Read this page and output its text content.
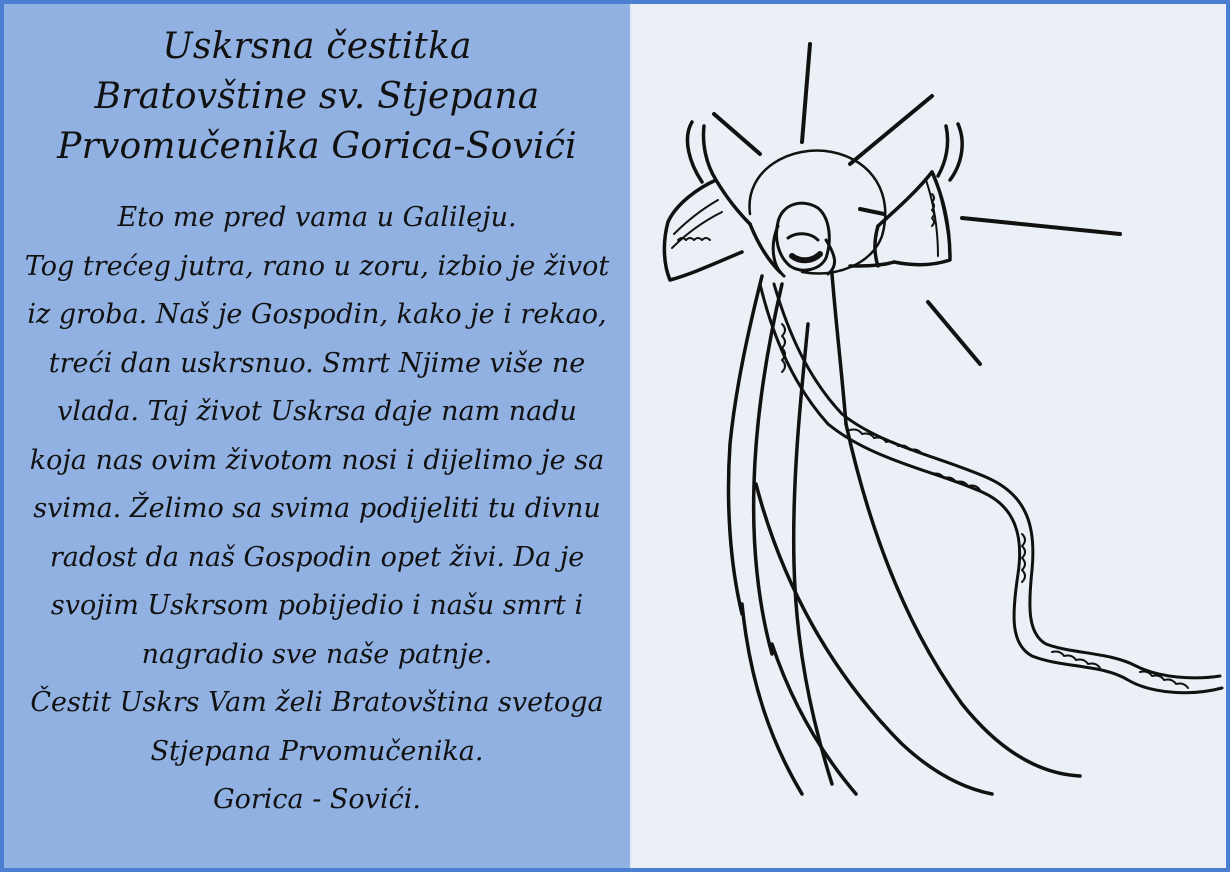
Uskrsna čestitka
Bratovštine sv. Stjepana
Prvomučenika Gorica-Sovići
Eto me pred vama u Galileju.
Tog trećeg jutra, rano u zoru, izbio je život
iz groba. Naš je Gospodin, kako je i rekao,
treći dan uskrsnuo. Smrt Njime više ne
vlada. Taj život Uskrsa daje nam nadu
koja nas ovim životom nosi i dijelimo je sa
svima. Želimo sa svima podijeliti tu divnu
radost da naš Gospodin opet živi. Da je
svojim Uskrsom pobijedio i našu smrt i
nagradio sve naše patnje.
Čestit Uskrs Vam želi Bratovština svetoga
Stjepana Prvomučenika.
Gorica - Sovići.
